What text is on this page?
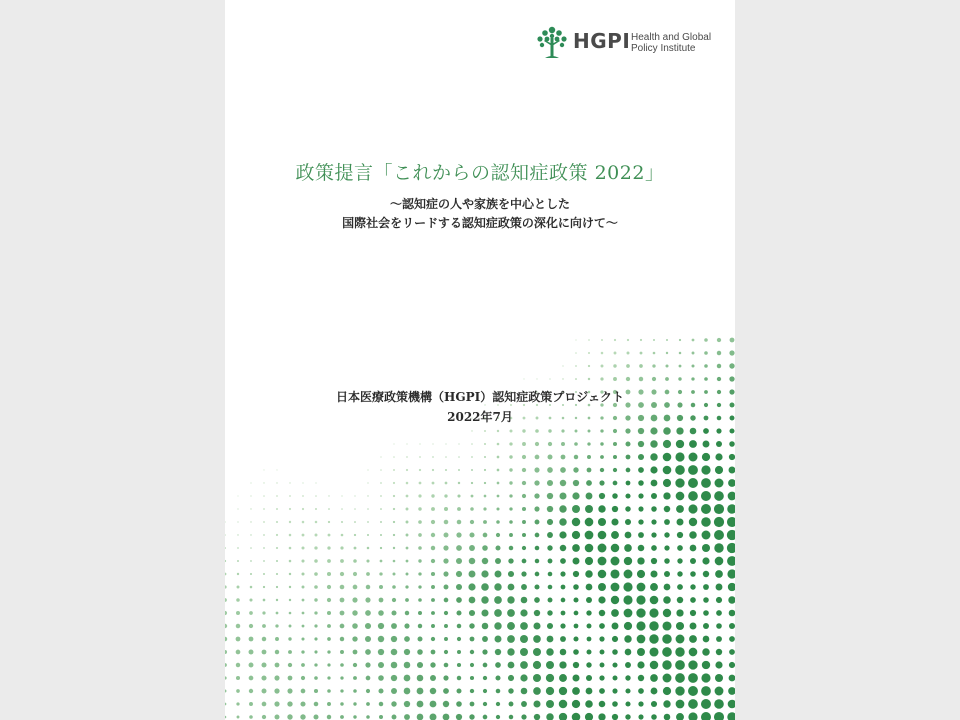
HGPI Health and Global
Policy Institute
政策提言「これからの認知症政策 2022」
～認知症の人や家族を中心とした
国際社会をリードする認知症政策の深化に向けて～
日本医療政策機構（HGPI）認知症政策プロジェクト
2022年7月
